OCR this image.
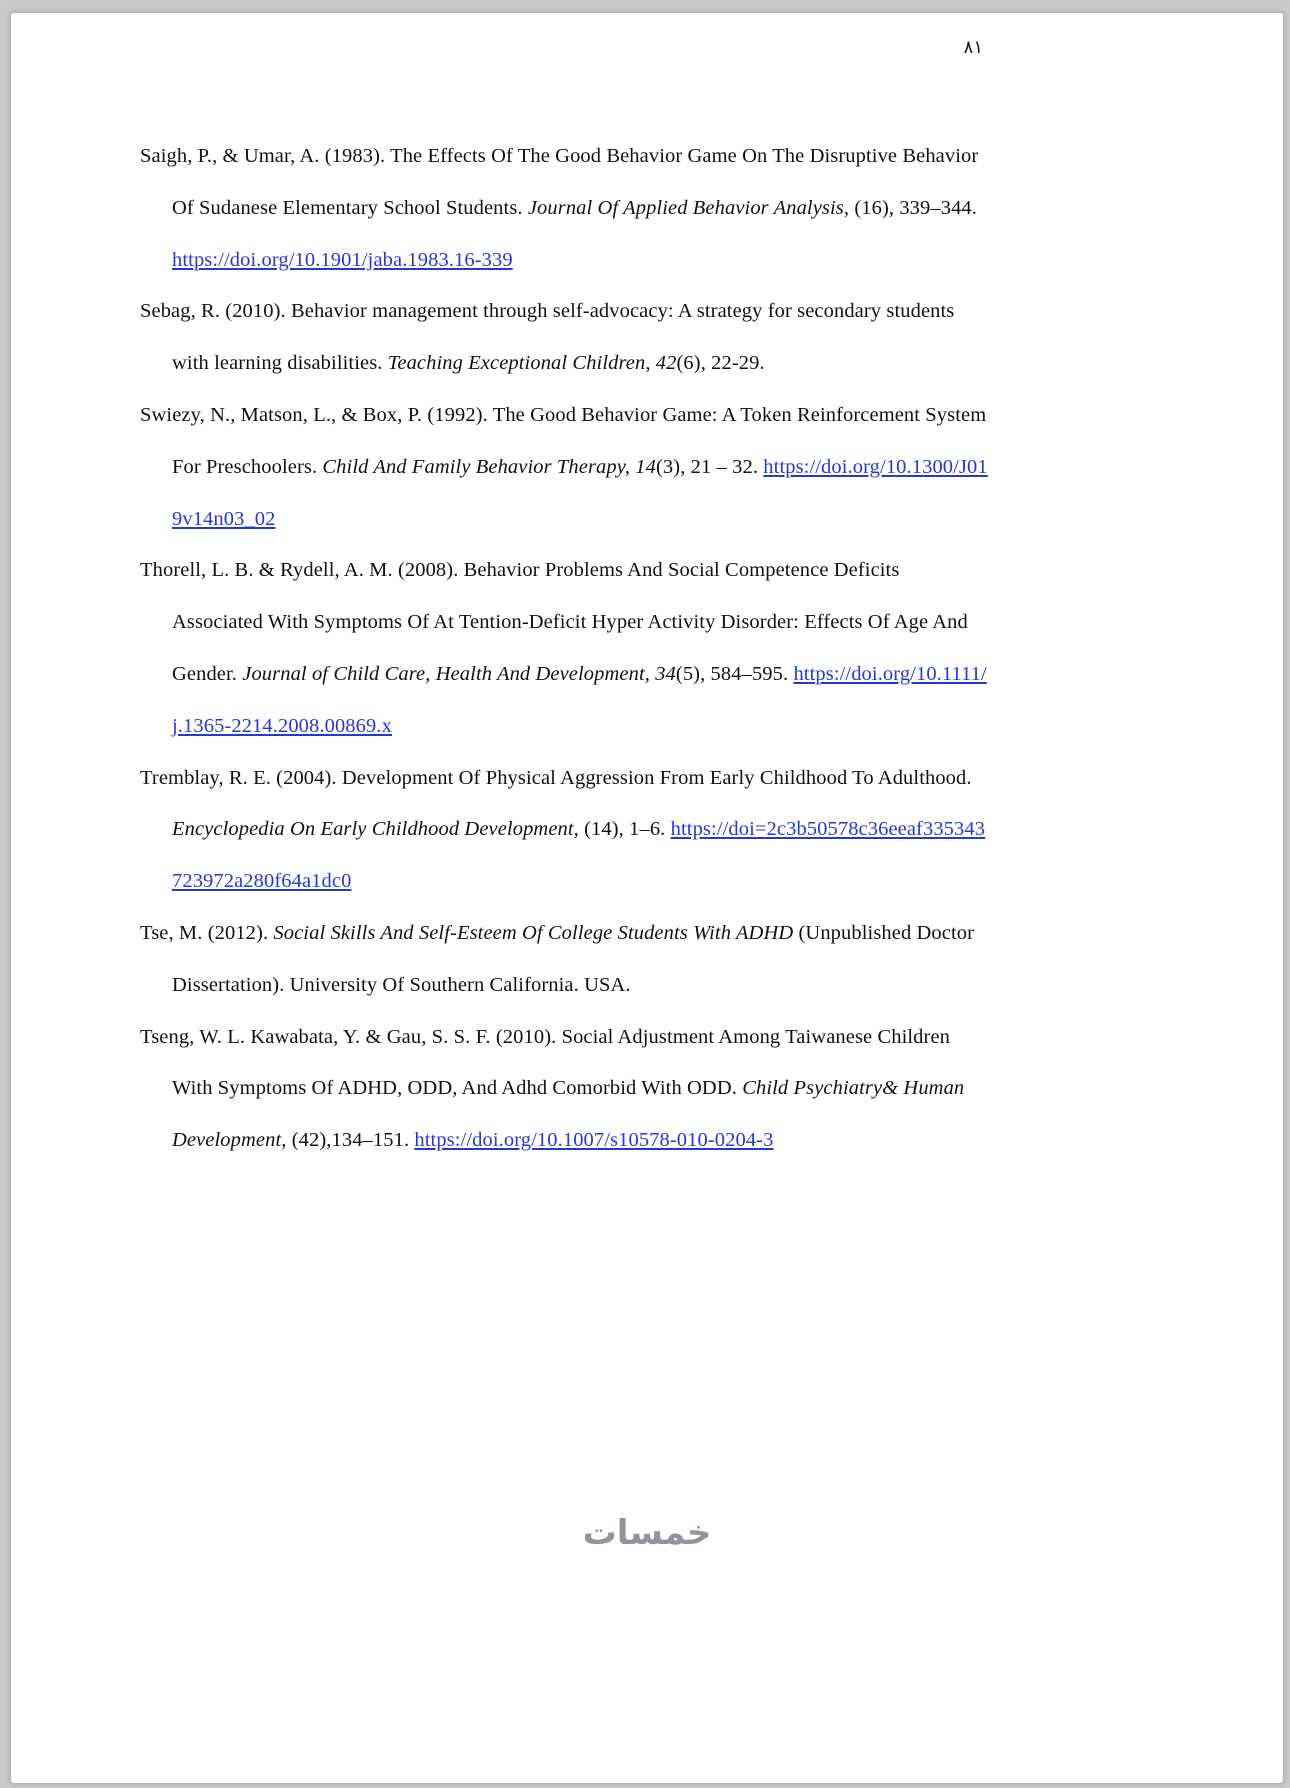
٨١

Saigh, P., & Umar, A. (1983). The Effects Of The Good Behavior Game On The Disruptive Behavior Of Sudanese Elementary School Students. Journal Of Applied Behavior Analysis, (16), 339–344. https://doi.org/10.1901/jaba.1983.16-339

Sebag, R. (2010). Behavior management through self-advocacy: A strategy for secondary students with learning disabilities. Teaching Exceptional Children, 42(6), 22-29.

Swiezy, N., Matson, L., & Box, P. (1992). The Good Behavior Game: A Token Reinforcement System For Preschoolers. Child And Family Behavior Therapy, 14(3), 21 – 32. https://doi.org/10.1300/J019v14n03_02

Thorell, L. B. & Rydell, A. M. (2008). Behavior Problems And Social Competence Deficits Associated With Symptoms Of At Tention-Deficit Hyper Activity Disorder: Effects Of Age And Gender. Journal of Child Care, Health And Development, 34(5), 584–595. https://doi.org/10.1111/j.1365-2214.2008.00869.x

Tremblay, R. E. (2004). Development Of Physical Aggression From Early Childhood To Adulthood. Encyclopedia On Early Childhood Development, (14), 1–6. https://doi=2c3b50578c36eeaf335343723972a280f64a1dc0

Tse, M. (2012). Social Skills And Self-Esteem Of College Students With ADHD (Unpublished Doctor Dissertation). University Of Southern California. USA.

Tseng, W. L. Kawabata, Y. & Gau, S. S. F. (2010). Social Adjustment Among Taiwanese Children With Symptoms Of ADHD, ODD, And Adhd Comorbid With ODD. Child Psychiatry& Human Development, (42),134–151. https://doi.org/10.1007/s10578-010-0204-3

خمسات
